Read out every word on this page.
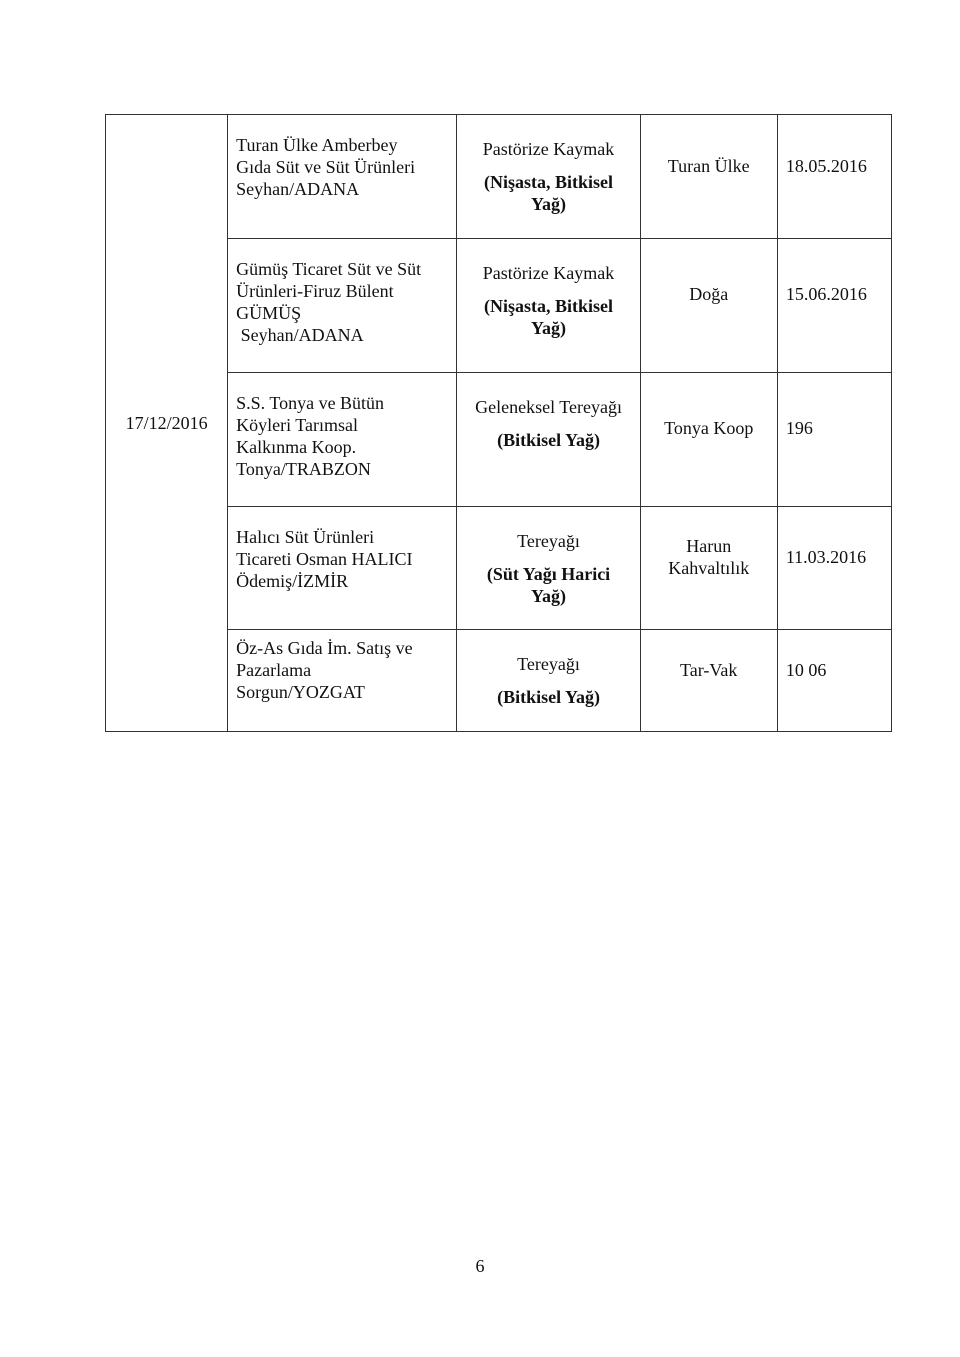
17/12/2016	Turan Ülke Amberbey
Gıda Süt ve Süt Ürünleri
Seyhan/ADANA	Pastörize Kaymak
(Nişasta, Bitkisel Yağ)	Turan Ülke	18.05.2016

	Gümüş Ticaret Süt ve Süt
Ürünleri-Firuz Bülent
GÜMÜŞ
Seyhan/ADANA	Pastörize Kaymak
(Nişasta, Bitkisel Yağ)	Doğa	15.06.2016

	S.S. Tonya ve Bütün
Köyleri Tarımsal
Kalkınma Koop.
Tonya/TRABZON	Geleneksel Tereyağı
(Bitkisel Yağ)	Tonya Koop	196

	Halıcı Süt Ürünleri
Ticareti Osman HALICI
Ödemiş/İZMİR	Tereyağı
(Süt Yağı Harici Yağ)	Harun Kahvaltılık	11.03.2016

	Öz-As Gıda İm. Satış ve
Pazarlama
Sorgun/YOZGAT	Tereyağı
(Bitkisel Yağ)	Tar-Vak	10 06
6
